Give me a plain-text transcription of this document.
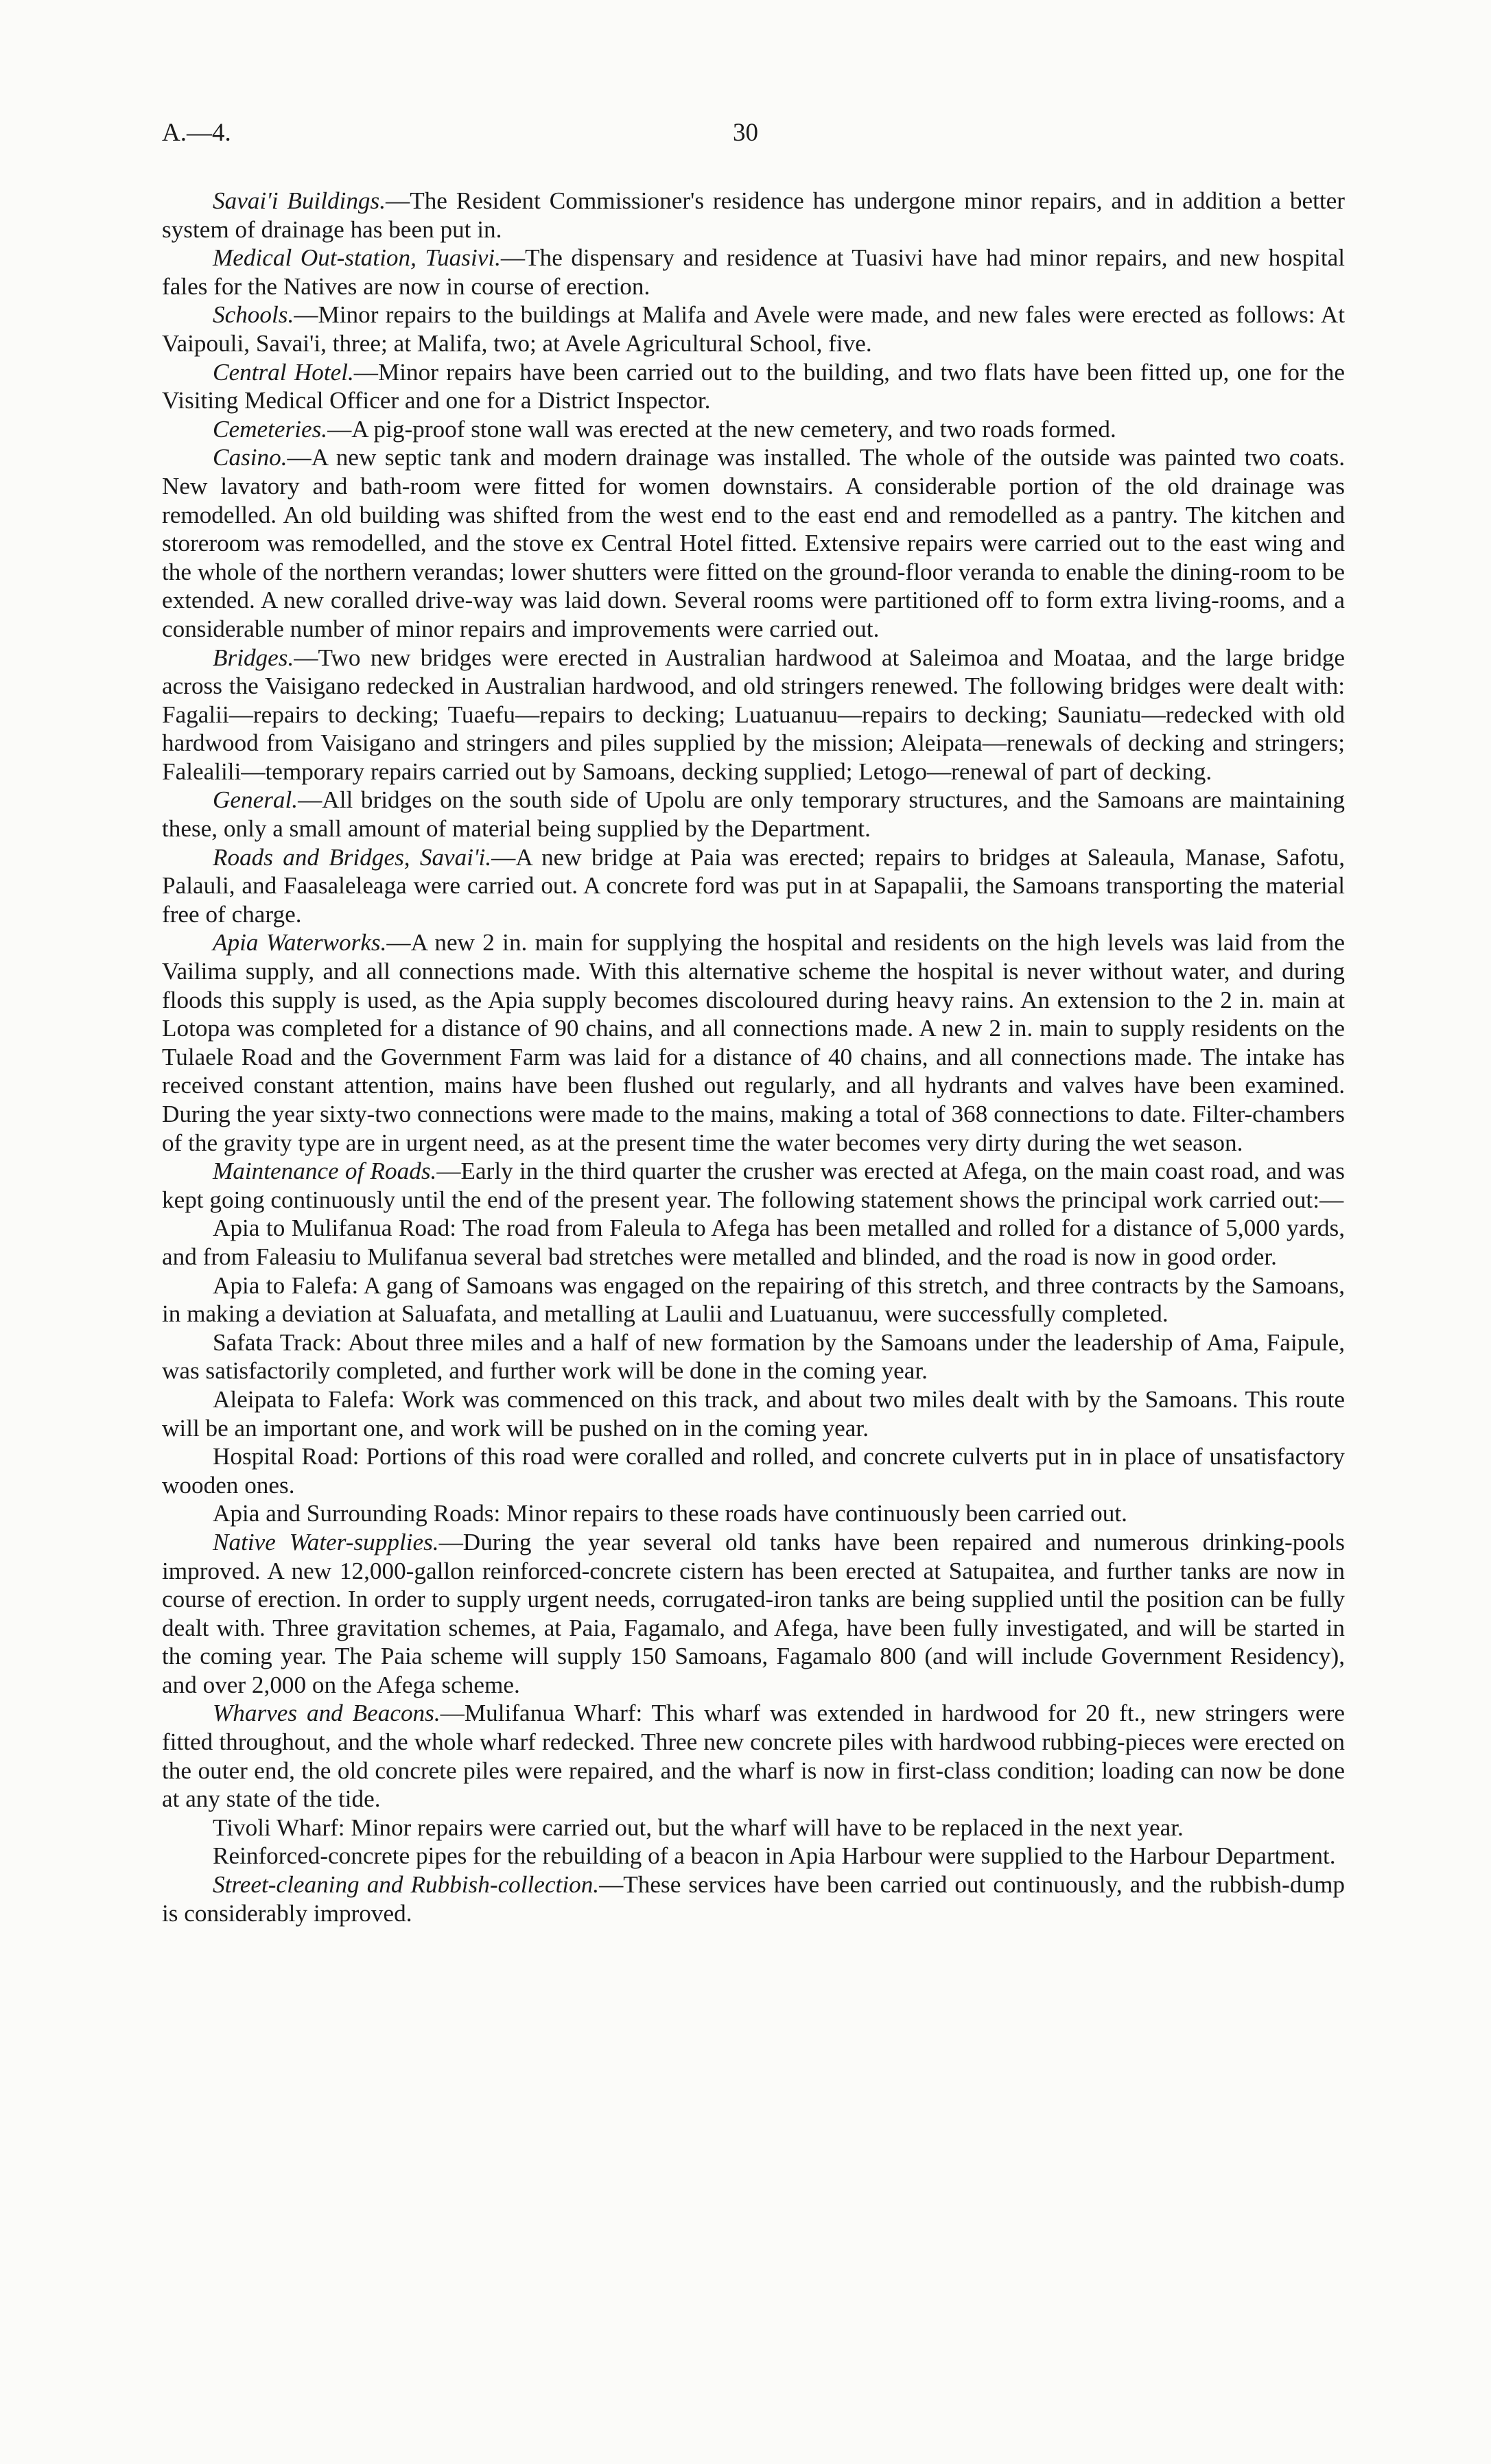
A.—4.	30

Savai'i Buildings.—The Resident Commissioner's residence has undergone minor repairs, and in addition a better system of drainage has been put in.

Medical Out-station, Tuasivi.—The dispensary and residence at Tuasivi have had minor repairs, and new hospital fales for the Natives are now in course of erection.

Schools.—Minor repairs to the buildings at Malifa and Avele were made, and new fales were erected as follows: At Vaipouli, Savai'i, three; at Malifa, two; at Avele Agricultural School, five.

Central Hotel.—Minor repairs have been carried out to the building, and two flats have been fitted up, one for the Visiting Medical Officer and one for a District Inspector.

Cemeteries.—A pig-proof stone wall was erected at the new cemetery, and two roads formed.

Casino.—A new septic tank and modern drainage was installed. The whole of the outside was painted two coats. New lavatory and bath-room were fitted for women downstairs. A considerable portion of the old drainage was remodelled. An old building was shifted from the west end to the east end and remodelled as a pantry. The kitchen and storeroom was remodelled, and the stove ex Central Hotel fitted. Extensive repairs were carried out to the east wing and the whole of the northern verandas; lower shutters were fitted on the ground-floor veranda to enable the dining-room to be extended. A new coralled drive-way was laid down. Several rooms were partitioned off to form extra living-rooms, and a considerable number of minor repairs and improvements were carried out.

Bridges.—Two new bridges were erected in Australian hardwood at Saleimoa and Moataa, and the large bridge across the Vaisigano redecked in Australian hardwood, and old stringers renewed. The following bridges were dealt with: Fagalii—repairs to decking; Tuaefu—repairs to decking; Luatuanuu—repairs to decking; Sauniatu—redecked with old hardwood from Vaisigano and stringers and piles supplied by the mission; Aleipata—renewals of decking and stringers; Falealili—temporary repairs carried out by Samoans, decking supplied; Letogo—renewal of part of decking.

General.—All bridges on the south side of Upolu are only temporary structures, and the Samoans are maintaining these, only a small amount of material being supplied by the Department.

Roads and Bridges, Savai'i.—A new bridge at Paia was erected; repairs to bridges at Saleaula, Manase, Safotu, Palauli, and Faasaleleaga were carried out. A concrete ford was put in at Sapapalii, the Samoans transporting the material free of charge.

Apia Waterworks.—A new 2 in. main for supplying the hospital and residents on the high levels was laid from the Vailima supply, and all connections made. With this alternative scheme the hospital is never without water, and during floods this supply is used, as the Apia supply becomes discoloured during heavy rains. An extension to the 2 in. main at Lotopa was completed for a distance of 90 chains, and all connections made. A new 2 in. main to supply residents on the Tulaele Road and the Government Farm was laid for a distance of 40 chains, and all connections made. The intake has received constant attention, mains have been flushed out regularly, and all hydrants and valves have been examined. During the year sixty-two connections were made to the mains, making a total of 368 connections to date. Filter-chambers of the gravity type are in urgent need, as at the present time the water becomes very dirty during the wet season.

Maintenance of Roads.—Early in the third quarter the crusher was erected at Afega, on the main coast road, and was kept going continuously until the end of the present year. The following statement shows the principal work carried out:—

Apia to Mulifanua Road: The road from Faleula to Afega has been metalled and rolled for a distance of 5,000 yards, and from Faleasiu to Mulifanua several bad stretches were metalled and blinded, and the road is now in good order.

Apia to Falefa: A gang of Samoans was engaged on the repairing of this stretch, and three contracts by the Samoans, in making a deviation at Saluafata, and metalling at Laulii and Luatuanuu, were successfully completed.

Safata Track: About three miles and a half of new formation by the Samoans under the leadership of Ama, Faipule, was satisfactorily completed, and further work will be done in the coming year.

Aleipata to Falefa: Work was commenced on this track, and about two miles dealt with by the Samoans. This route will be an important one, and work will be pushed on in the coming year.

Hospital Road: Portions of this road were coralled and rolled, and concrete culverts put in in place of unsatisfactory wooden ones.

Apia and Surrounding Roads: Minor repairs to these roads have continuously been carried out.

Native Water-supplies.—During the year several old tanks have been repaired and numerous drinking-pools improved. A new 12,000-gallon reinforced-concrete cistern has been erected at Satupaitea, and further tanks are now in course of erection. In order to supply urgent needs, corrugated-iron tanks are being supplied until the position can be fully dealt with. Three gravitation schemes, at Paia, Fagamalo, and Afega, have been fully investigated, and will be started in the coming year. The Paia scheme will supply 150 Samoans, Fagamalo 800 (and will include Government Residency), and over 2,000 on the Afega scheme.

Wharves and Beacons.—Mulifanua Wharf: This wharf was extended in hardwood for 20 ft., new stringers were fitted throughout, and the whole wharf redecked. Three new concrete piles with hardwood rubbing-pieces were erected on the outer end, the old concrete piles were repaired, and the wharf is now in first-class condition; loading can now be done at any state of the tide.

Tivoli Wharf: Minor repairs were carried out, but the wharf will have to be replaced in the next year.

Reinforced-concrete pipes for the rebuilding of a beacon in Apia Harbour were supplied to the Harbour Department.

Street-cleaning and Rubbish-collection.—These services have been carried out continuously, and the rubbish-dump is considerably improved.
